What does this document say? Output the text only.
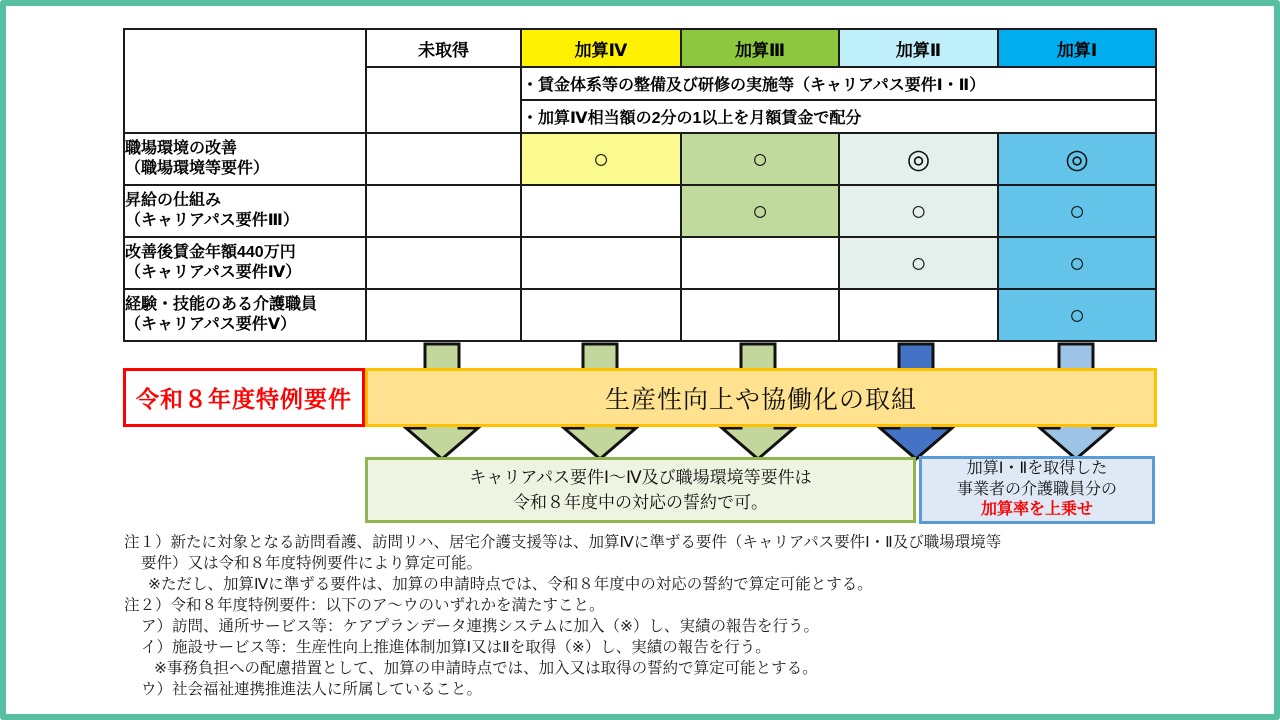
	未取得	加算Ⅳ	加算Ⅲ	加算Ⅱ	加算Ⅰ
		・賃金体系等の整備及び研修の実施等（キャリアパス要件Ⅰ・Ⅱ）			
		・加算Ⅳ相当額の2分の1以上を月額賃金で配分			

職場環境の改善
（職場環境等要件）		○	○	◎	◎

昇給の仕組み
（キャリアパス要件Ⅲ）			○	○	○

改善後賃金年額440万円
（キャリアパス要件Ⅳ）				○	○

経験・技能のある介護職員
（キャリアパス要件Ⅴ）					○
令和８年度特例要件	生産性向上や協働化の取組
キャリアパス要件Ⅰ～Ⅳ及び職場環境等要件は
令和８年度中の対応の誓約で可。
加算Ⅰ・Ⅱを取得した
事業者の介護職員分の
加算率を上乗せ
注１）新たに対象となる訪問看護、訪問リハ、居宅介護支援等は、加算Ⅳに準ずる要件（キャリアパス要件Ⅰ・Ⅱ及び職場環境等
要件）又は令和８年度特例要件により算定可能。
※ただし、加算Ⅳに準ずる要件は、加算の申請時点では、令和８年度中の対応の誓約で算定可能とする。
注２）令和８年度特例要件：以下のア～ウのいずれかを満たすこと。
ア）訪問、通所サービス等：ケアプランデータ連携システムに加入（※）し、実績の報告を行う。
イ）施設サービス等：生産性向上推進体制加算Ⅰ又はⅡを取得（※）し、実績の報告を行う。
※事務負担への配慮措置として、加算の申請時点では、加入又は取得の誓約で算定可能とする。
ウ）社会福祉連携推進法人に所属していること。
